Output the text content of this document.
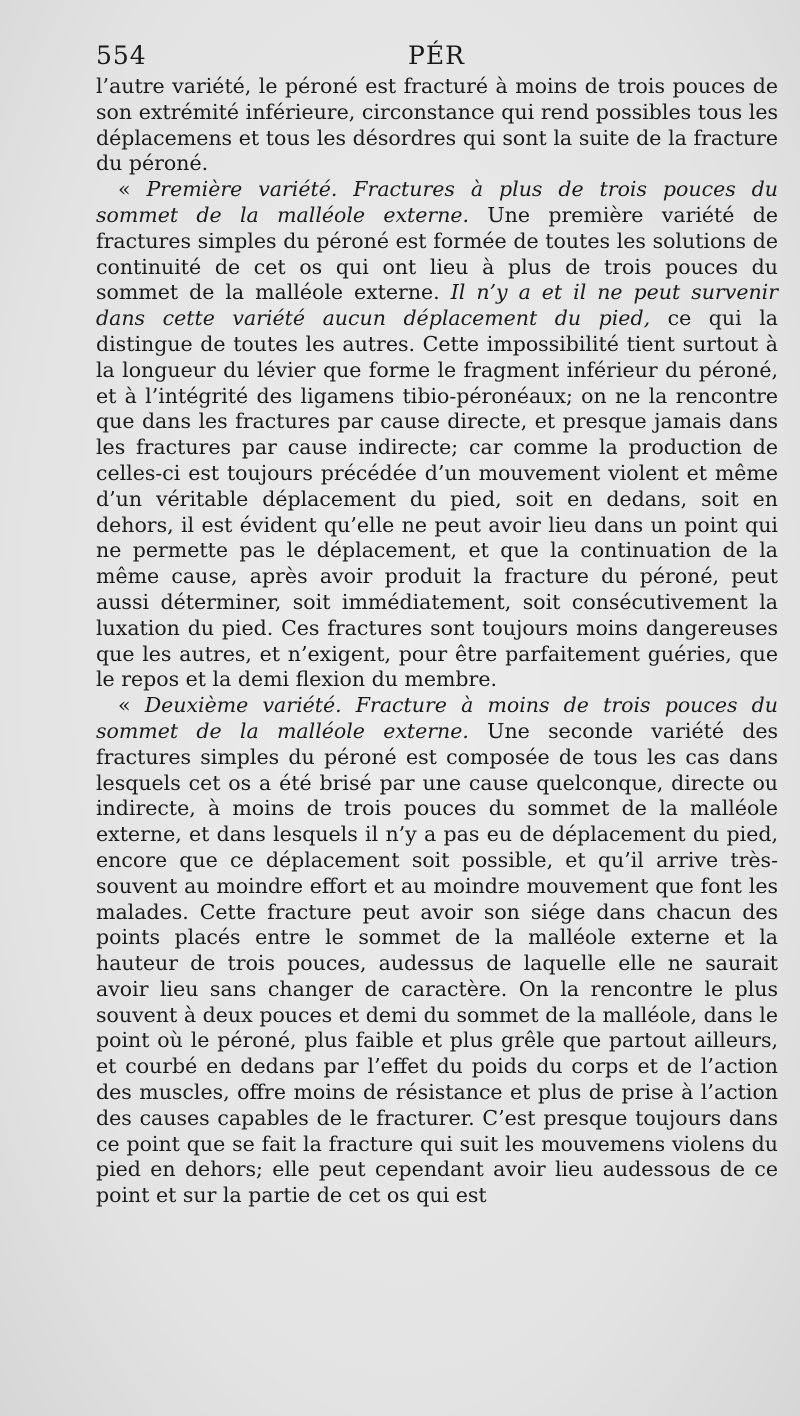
554	PÉR

l’autre variété, le péroné est fracturé à moins de trois pouces de son extrémité inférieure, circonstance qui rend possibles tous les déplacemens et tous les désordres qui sont la suite de la fracture du péroné.

« Première variété. Fractures à plus de trois pouces du sommet de la malléole externe. Une première variété de fractures simples du péroné est formée de toutes les solutions de continuité de cet os qui ont lieu à plus de trois pouces du sommet de la malléole externe. Il n’y a et il ne peut survenir dans cette variété aucun déplacement du pied, ce qui la distingue de toutes les autres. Cette impossibilité tient surtout à la longueur du lévier que forme le fragment inférieur du péroné, et à l’intégrité des ligamens tibio-péronéaux; on ne la rencontre que dans les fractures par cause directe, et presque jamais dans les fractures par cause indirecte; car comme la production de celles-ci est toujours précédée d’un mouvement violent et même d’un véritable déplacement du pied, soit en dedans, soit en dehors, il est évident qu’elle ne peut avoir lieu dans un point qui ne permette pas le déplacement, et que la continuation de la même cause, après avoir produit la fracture du péroné, peut aussi déterminer, soit immédiatement, soit consécutivement la luxation du pied. Ces fractures sont toujours moins dangereuses que les autres, et n’exigent, pour être parfaitement guéries, que le repos et la demi flexion du membre.

« Deuxième variété. Fracture à moins de trois pouces du sommet de la malléole externe. Une seconde variété des fractures simples du péroné est composée de tous les cas dans lesquels cet os a été brisé par une cause quelconque, directe ou indirecte, à moins de trois pouces du sommet de la malléole externe, et dans lesquels il n’y a pas eu de déplacement du pied, encore que ce déplacement soit possible, et qu’il arrive très-souvent au moindre effort et au moindre mouvement que font les malades. Cette fracture peut avoir son siége dans chacun des points placés entre le sommet de la malléole externe et la hauteur de trois pouces, audessus de laquelle elle ne saurait avoir lieu sans changer de caractère. On la rencontre le plus souvent à deux pouces et demi du sommet de la malléole, dans le point où le péroné, plus faible et plus grêle que partout ailleurs, et courbé en dedans par l’effet du poids du corps et de l’action des muscles, offre moins de résistance et plus de prise à l’action des causes capables de le fracturer. C’est presque toujours dans ce point que se fait la fracture qui suit les mouvemens violens du pied en dehors; elle peut cependant avoir lieu audessous de ce point et sur la partie de cet os qui est
